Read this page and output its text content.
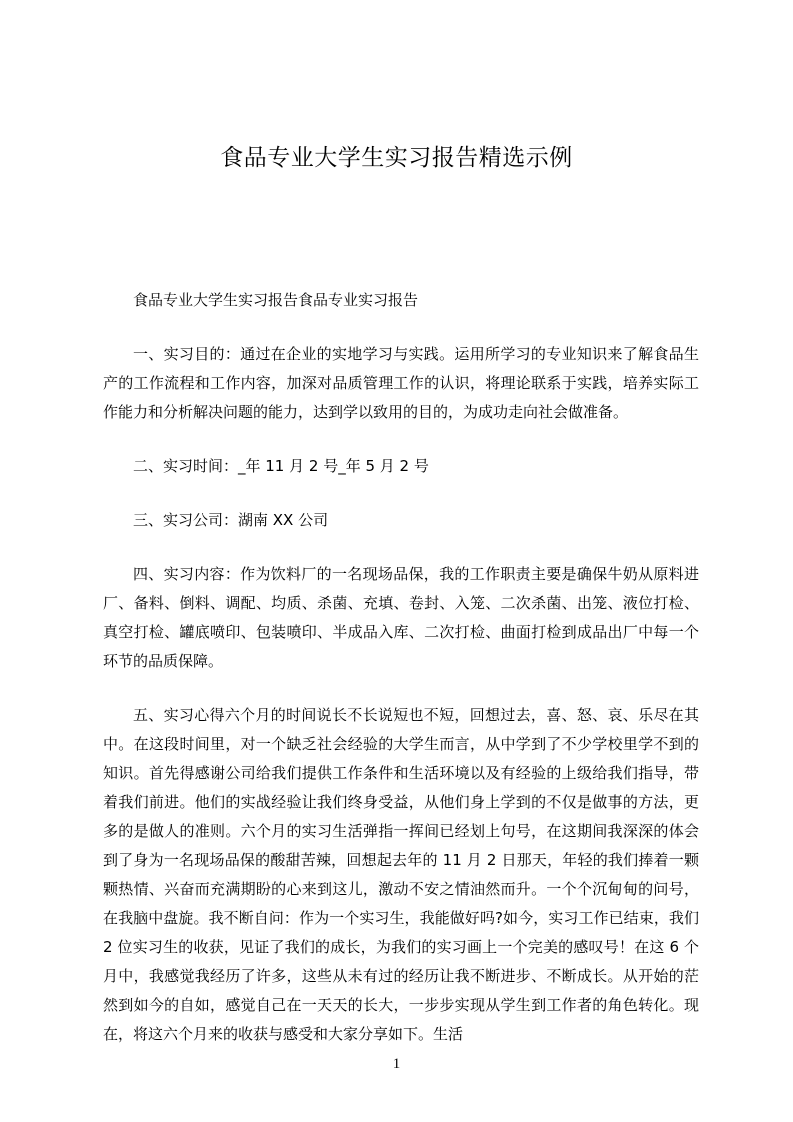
食品专业大学生实习报告精选示例

食品专业大学生实习报告食品专业实习报告

一、实习目的：通过在企业的实地学习与实践。运用所学习的专业知识来了解食品生产的工作流程和工作内容，加深对品质管理工作的认识，将理论联系于实践，培养实际工作能力和分析解决问题的能力，达到学以致用的目的，为成功走向社会做准备。

二、实习时间：_年 11 月 2 号_年 5 月 2 号

三、实习公司：湖南 XX 公司

四、实习内容：作为饮料厂的一名现场品保，我的工作职责主要是确保牛奶从原料进厂、备料、倒料、调配、均质、杀菌、充填、卷封、入笼、二次杀菌、出笼、液位打检、真空打检、罐底喷印、包装喷印、半成品入库、二次打检、曲面打检到成品出厂中每一个环节的品质保障。

五、实习心得六个月的时间说长不长说短也不短，回想过去，喜、怒、哀、乐尽在其中。在这段时间里，对一个缺乏社会经验的大学生而言，从中学到了不少学校里学不到的知识。首先得感谢公司给我们提供工作条件和生活环境以及有经验的上级给我们指导，带着我们前进。他们的实战经验让我们终身受益，从他们身上学到的不仅是做事的方法，更多的是做人的准则。六个月的实习生活弹指一挥间已经划上句号，在这期间我深深的体会到了身为一名现场品保的酸甜苦辣，回想起去年的 11 月 2 日那天，年轻的我们捧着一颗颗热情、兴奋而充满期盼的心来到这儿，激动不安之情油然而升。一个个沉甸甸的问号，在我脑中盘旋。我不断自问：作为一个实习生，我能做好吗?如今，实习工作已结束，我们 2 位实习生的收获，见证了我们的成长，为我们的实习画上一个完美的感叹号！在这 6 个月中，我感觉我经历了许多，这些从未有过的经历让我不断进步、不断成长。从开始的茫然到如今的自如，感觉自己在一天天的长大，一步步实现从学生到工作者的角色转化。现在，将这六个月来的收获与感受和大家分享如下。生活

1
